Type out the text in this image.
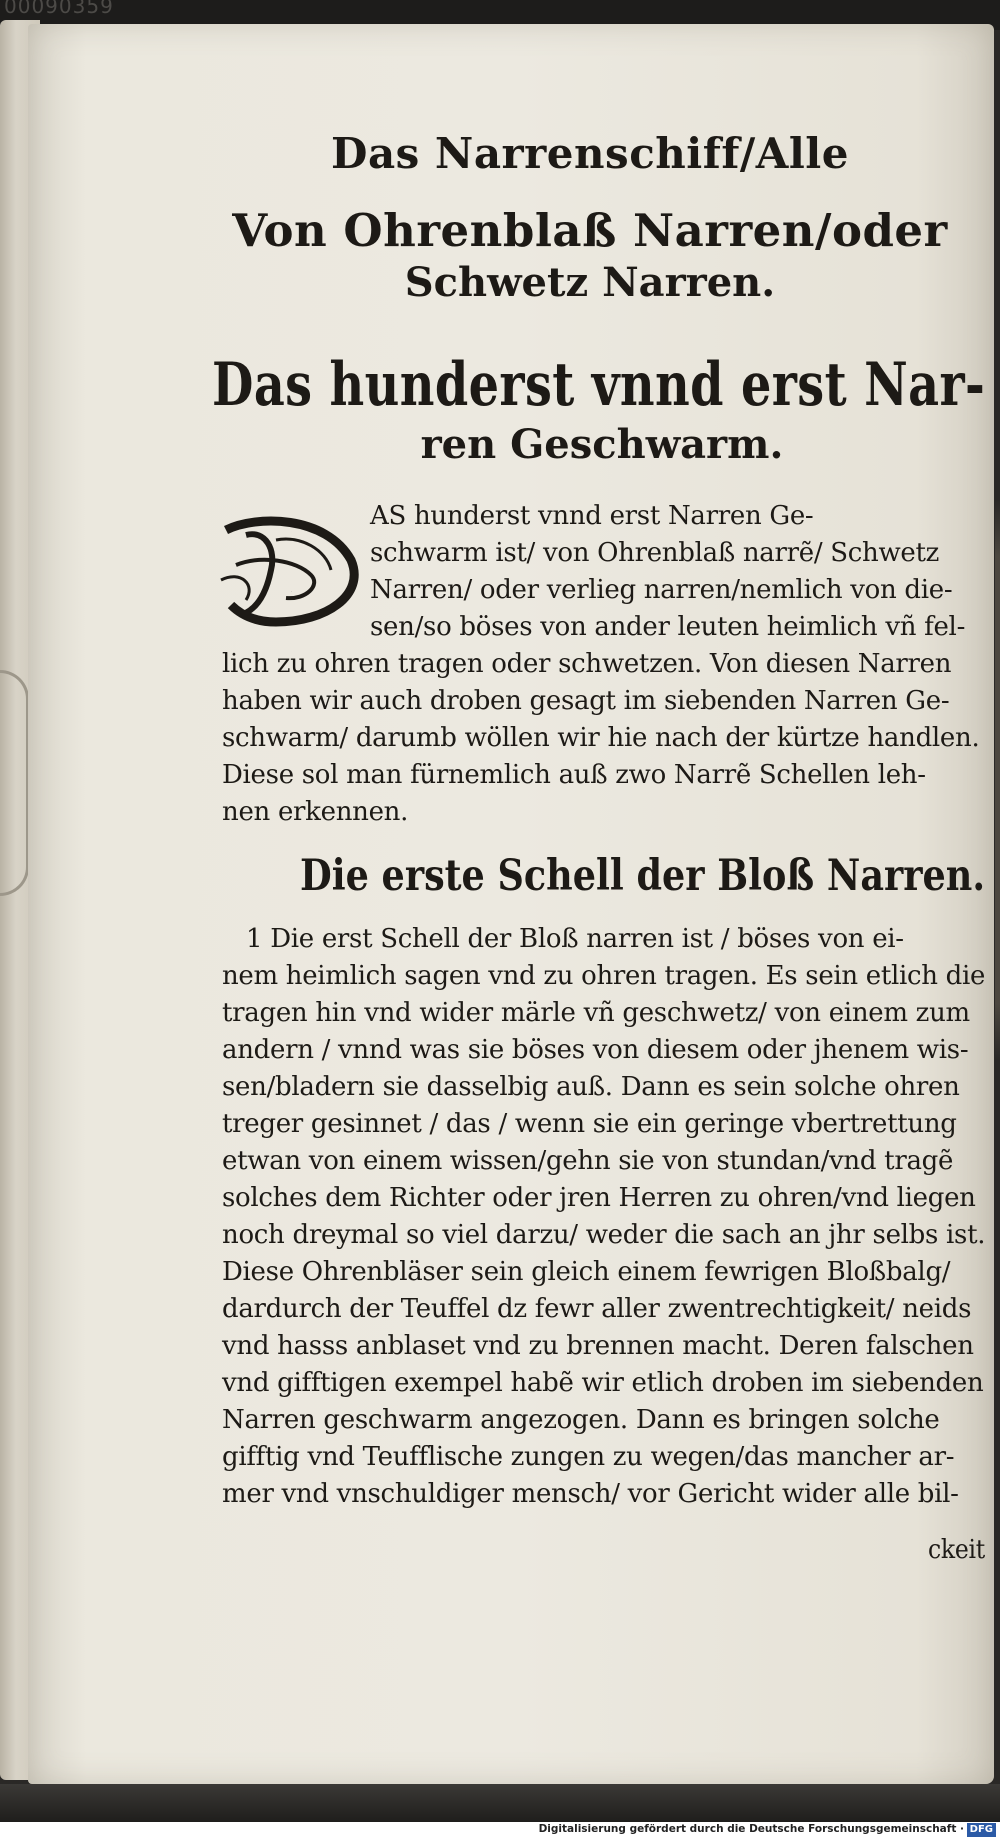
00090359
Das Narrenschiff/Alle
Von Ohrenblaß Narren/oder
Schwetz Narren.
Das hunderst vnnd erst Nar-
ren Geschwarm.
D
AS hunderst vnnd erst Narren Ge-
schwarm ist/ von Ohrenblaß narrẽ/ Schwetz
Narren/ oder verlieg narren/nemlich von die-
sen/so böses von ander leuten heimlich vñ fel-
lich zu ohren tragen oder schwetzen. Von diesen Narren
haben wir auch droben gesagt im siebenden Narren Ge-
schwarm/ darumb wöllen wir hie nach der kürtze handlen.
Diese sol man fürnemlich auß zwo Narrẽ Schellen leh-
nen erkennen.
Die erste Schell der Bloß Narren.
1 Die erst Schell der Bloß narren ist / böses von ei-
nem heimlich sagen vnd zu ohren tragen. Es sein etlich die
tragen hin vnd wider märle vñ geschwetz/ von einem zum
andern / vnnd was sie böses von diesem oder jhenem wis-
sen/bladern sie dasselbig auß. Dann es sein solche ohren
treger gesinnet / das / wenn sie ein geringe vbertrettung
etwan von einem wissen/gehn sie von stundan/vnd tragẽ
solches dem Richter oder jren Herren zu ohren/vnd liegen
noch dreymal so viel darzu/ weder die sach an jhr selbs ist.
Diese Ohrenbläser sein gleich einem fewrigen Bloßbalg/
dardurch der Teuffel dz fewr aller zwentrechtigkeit/ neids
vnd hasss anblaset vnd zu brennen macht. Deren falschen
vnd gifftigen exempel habẽ wir etlich droben im siebenden
Narren geschwarm angezogen. Dann es bringen solche
gifftig vnd Teufflische zungen zu wegen/das mancher ar-
mer vnd vnschuldiger mensch/ vor Gericht wider alle bil-
ckeit
Digitalisierung gefördert durch die Deutsche Forschungsgemeinschaft · DFG
